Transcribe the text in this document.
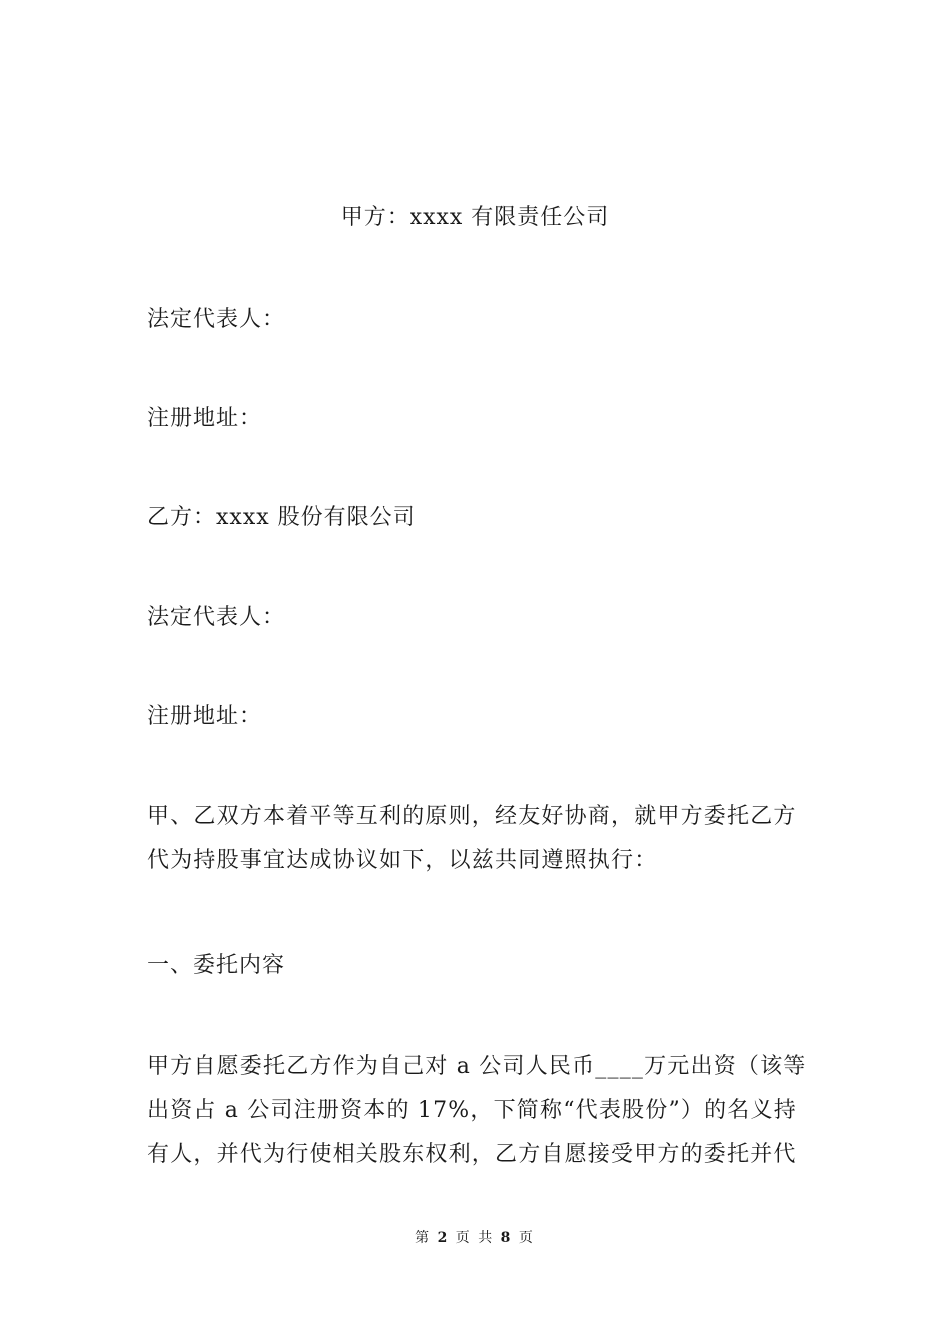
甲方：xxxx 有限责任公司
法定代表人：
注册地址：
乙方：xxxx 股份有限公司
法定代表人：
注册地址：
甲、乙双方本着平等互利的原则，经友好协商，就甲方委托乙方
代为持股事宜达成协议如下，以兹共同遵照执行：
一、委托内容
甲方自愿委托乙方作为自己对 a 公司人民币____万元出资（该等
出资占 a 公司注册资本的 17%，下简称“代表股份”）的名义持
有人，并代为行使相关股东权利，乙方自愿接受甲方的委托并代
第 2 页 共 8 页
